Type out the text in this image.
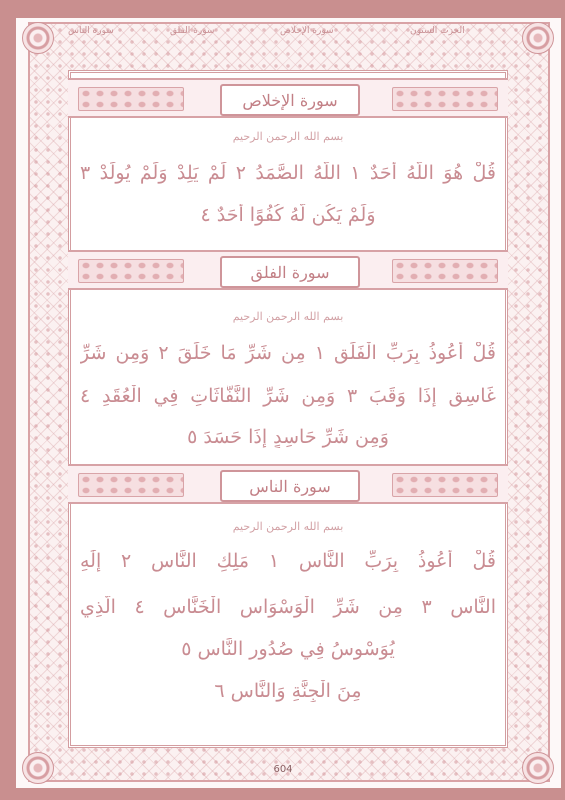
سورة الناس	سورة الفلق	سورة الإخلاص	الحزب الستون
سورة الإخلاص
بسم الله الرحمن الرحيم
قُلْ هُوَ اللَّهُ أَحَدٌ ١ اللَّهُ الصَّمَدُ ٢ لَمْ يَلِدْ وَلَمْ يُولَدْ ٣
وَلَمْ يَكُن لَّهُ كُفُوًا أَحَدٌ ٤
سورة الفلق
بسم الله الرحمن الرحيم
قُلْ أَعُوذُ بِرَبِّ الْفَلَقِ ١ مِن شَرِّ مَا خَلَقَ ٢ وَمِن شَرِّ
غَاسِقٍ إِذَا وَقَبَ ٣ وَمِن شَرِّ النَّفَّاثَاتِ فِي الْعُقَدِ ٤
وَمِن شَرِّ حَاسِدٍ إِذَا حَسَدَ ٥
سورة الناس
بسم الله الرحمن الرحيم
قُلْ أَعُوذُ بِرَبِّ النَّاسِ ١ مَلِكِ النَّاسِ ٢ إِلَٰهِ
النَّاسِ ٣ مِن شَرِّ الْوَسْوَاسِ الْخَنَّاسِ ٤ الَّذِي
يُوَسْوِسُ فِي صُدُورِ النَّاسِ ٥
مِنَ الْجِنَّةِ وَالنَّاسِ ٦
604
